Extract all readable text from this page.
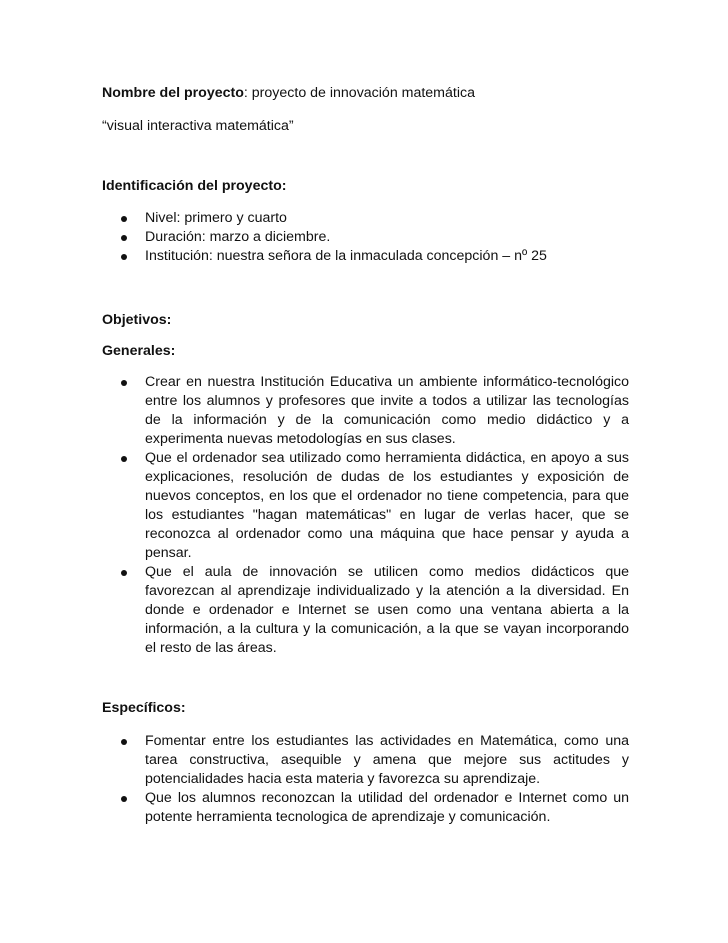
Nombre del proyecto: proyecto de innovación matemática
“visual interactiva matemática”
Identificación del proyecto:
Nivel: primero y cuarto
Duración: marzo a diciembre.
Institución: nuestra señora de la inmaculada concepción – nº 25
Objetivos:
Generales:
Crear en nuestra Institución Educativa un ambiente informático-tecnológico entre los alumnos y profesores que invite a todos a utilizar las tecnologías de la información y de la comunicación como medio didáctico y a experimenta nuevas metodologías en sus clases.
Que el ordenador sea utilizado como herramienta didáctica, en apoyo a sus explicaciones, resolución de dudas de los estudiantes y exposición de nuevos conceptos, en los que el ordenador no tiene competencia, para que los estudiantes "hagan matemáticas" en lugar de verlas hacer, que se reconozca al ordenador como una máquina que hace pensar y ayuda a pensar.
Que el aula de innovación se utilicen como medios didácticos que favorezcan al aprendizaje individualizado y la atención a la diversidad. En donde e ordenador e Internet se usen como una ventana abierta a la información, a la cultura y la comunicación, a la que se vayan incorporando el resto de las áreas.
Específicos:
Fomentar entre los estudiantes las actividades en Matemática, como una tarea constructiva, asequible y amena que mejore sus actitudes y potencialidades hacia esta materia y favorezca su aprendizaje.
Que los alumnos reconozcan la utilidad del ordenador e Internet como un potente herramienta tecnologica de aprendizaje y comunicación.
